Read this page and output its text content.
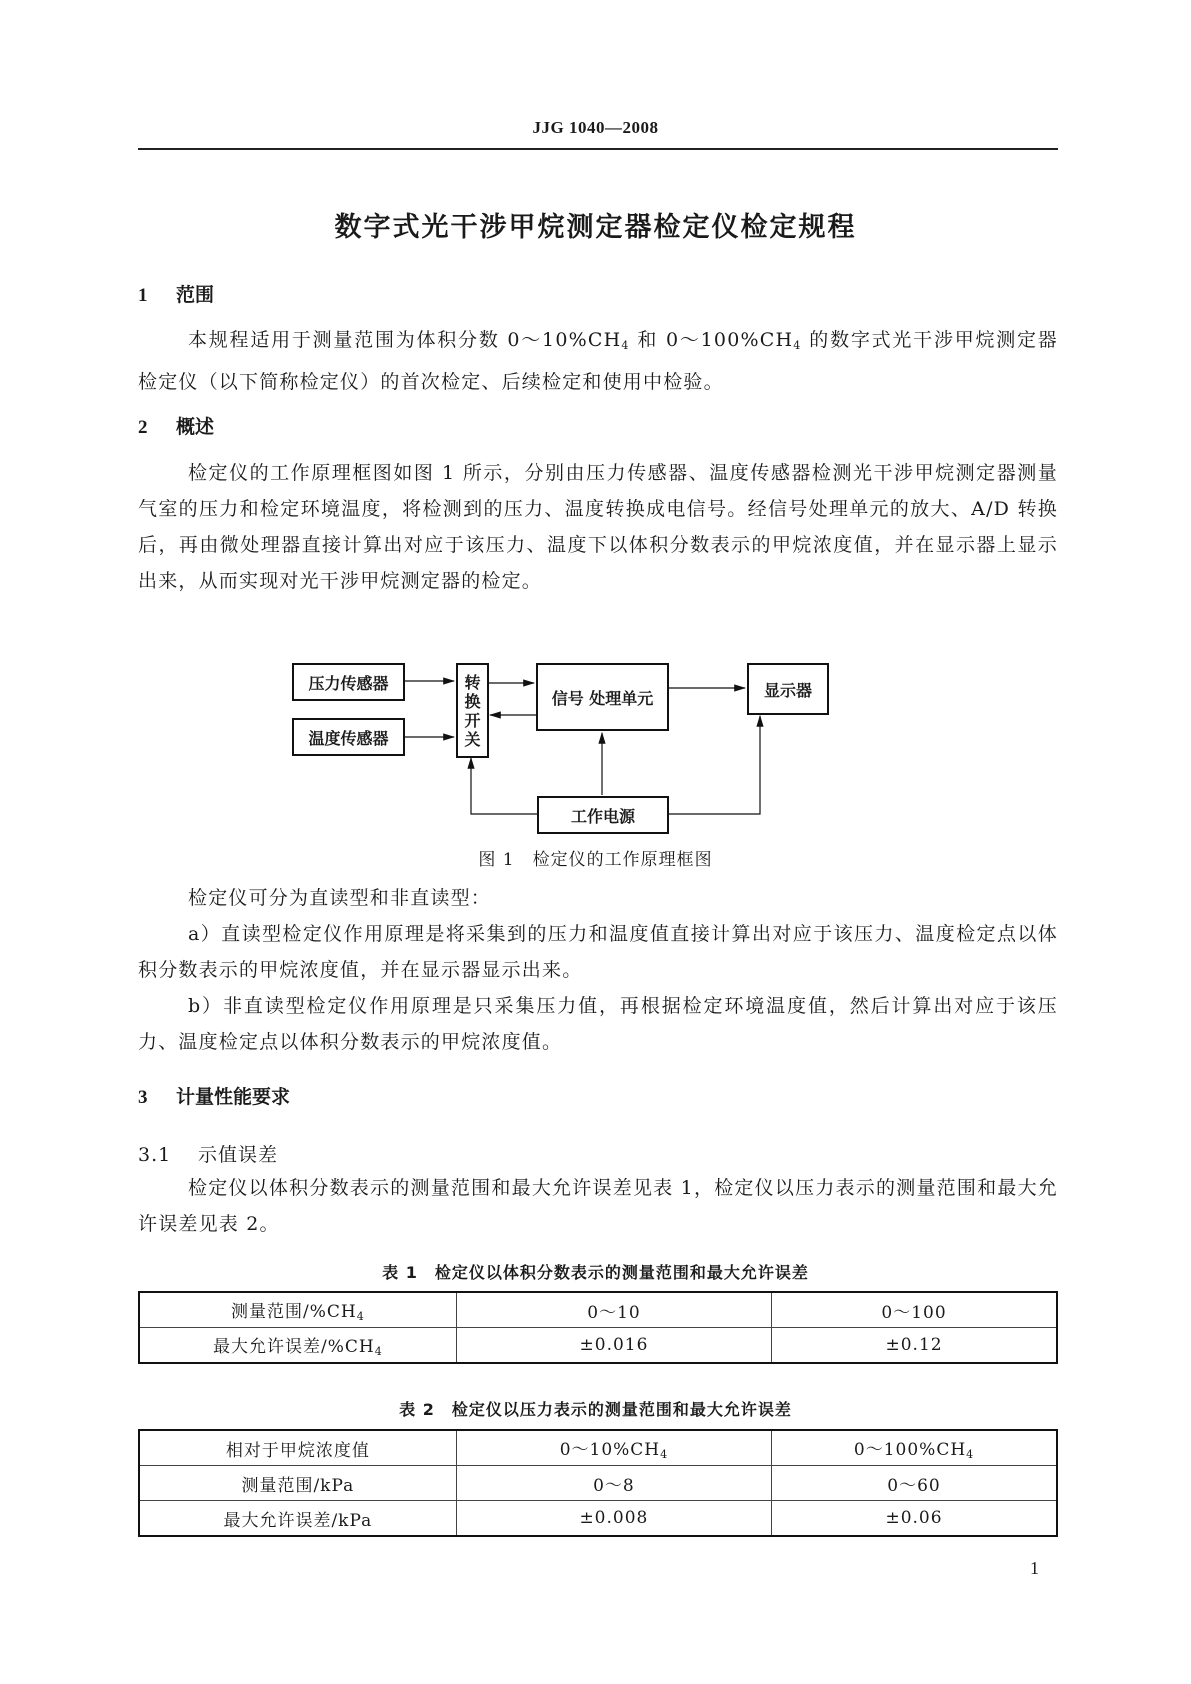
JJG 1040—2008
数字式光干涉甲烷测定器检定仪检定规程
1 范围
本规程适用于测量范围为体积分数 $0\sim 10\%CH_4$ 和 $0\sim 100\%CH_4$ 的数字式光干涉甲烷测定器检定仪（以下简称检定仪）的首次检定、后续检定和使用中检验。
2 概述
检定仪的工作原理框图如图 1 所示，分别由压力传感器、温度传感器检测光干涉甲烷测定器测量气室的压力和检定环境温度，将检测到的压力、温度转换成电信号。经信号处理单元的放大、A/D 转换后，再由微处理器直接计算出对应于该压力、温度下以体积分数表示的甲烷浓度值，并在显示器上显示出来，从而实现对光干涉甲烷测定器的检定。
压力传感器
温度传感器
转
换
开
关
信号 处理单元	显示器
工作电源
图 1　检定仪的工作原理框图
检定仪可分为直读型和非直读型：
a）直读型检定仪作用原理是将采集到的压力和温度值直接计算出对应于该压力、温度检定点以体积分数表示的甲烷浓度值，并在显示器显示出来。
b）非直读型检定仪作用原理是只采集压力值，再根据检定环境温度值，然后计算出对应于该压力、温度检定点以体积分数表示的甲烷浓度值。
3 计量性能要求
3.1 示值误差
检定仪以体积分数表示的测量范围和最大允许误差见表 1，检定仪以压力表示的测量范围和最大允许误差见表 2。
表 1　检定仪以体积分数表示的测量范围和最大允许误差
测量范围$/\%CH_4$	0～10	0～100
最大允许误差$/\%CH_4$	±0.016	±0.12
表 2　检定仪以压力表示的测量范围和最大允许误差
相对于甲烷浓度值	$0\sim 10\%CH_4$	$0\sim 100\%CH_4$
测量范围/kPa	0～8	0～60
最大允许误差/kPa	±0.008	±0.06
1
